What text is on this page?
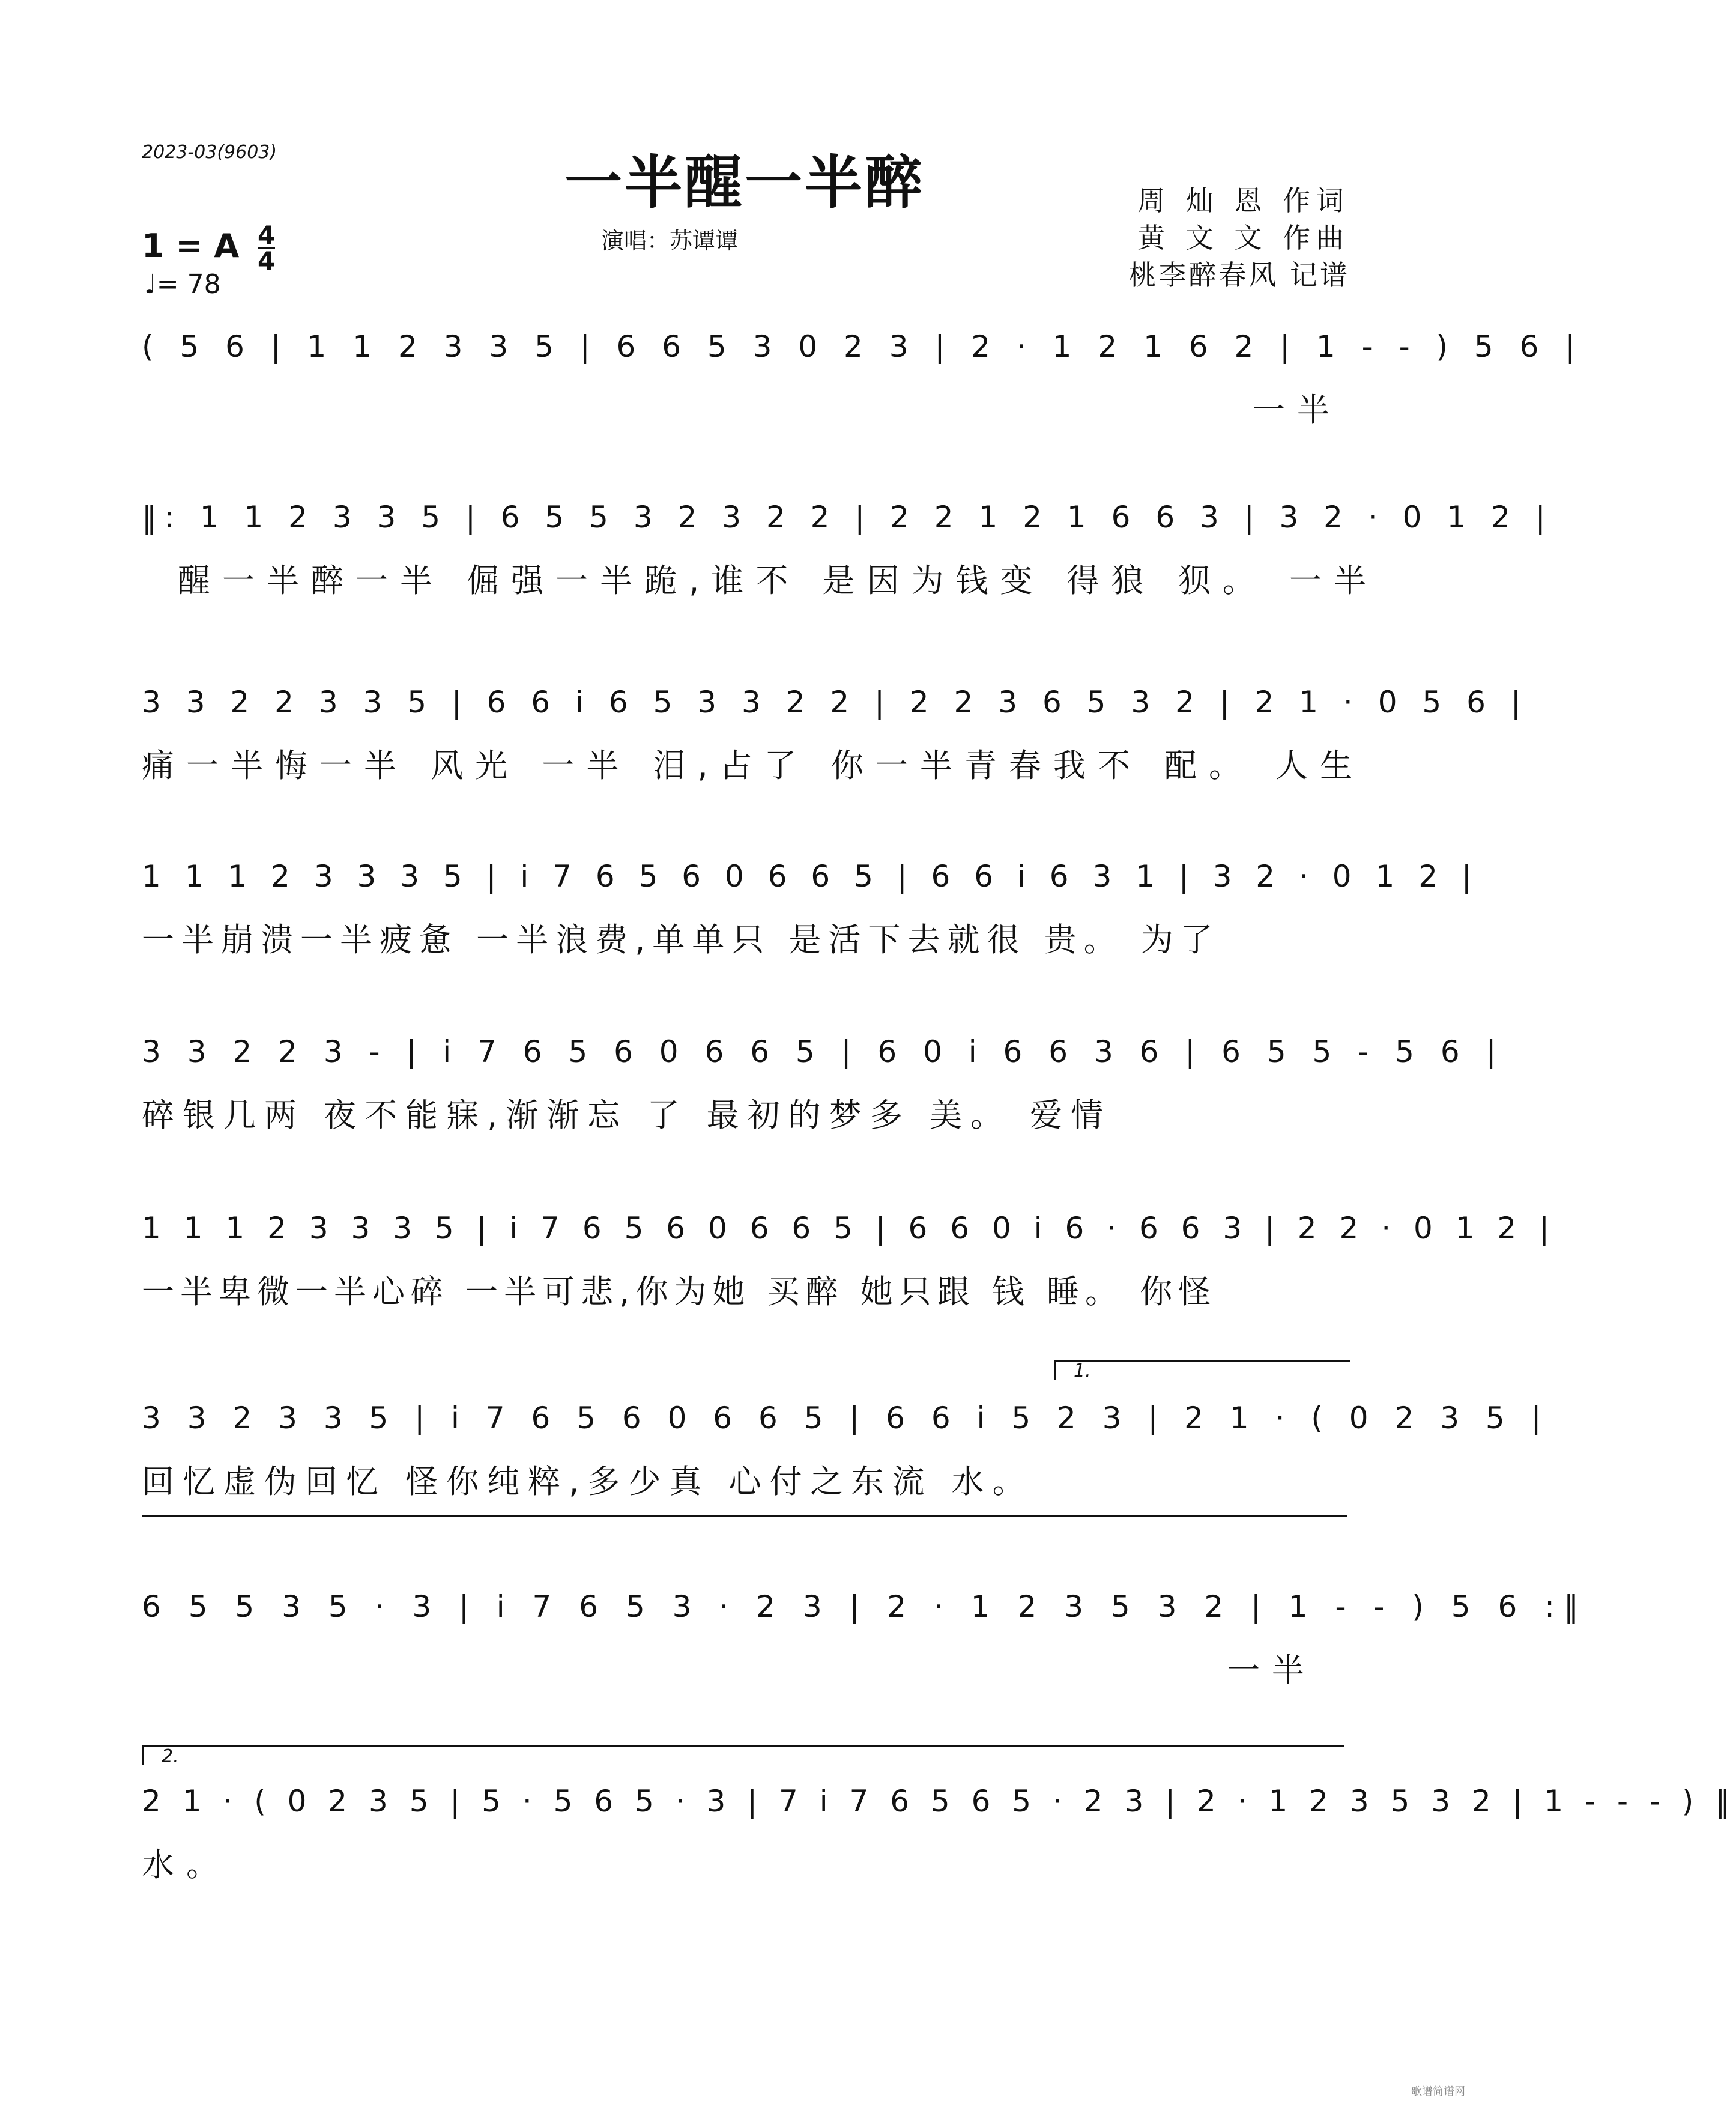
2023-03(9603)	一半醒一半醉
演唱：苏谭谭
周 灿 恩 作词
黄 文 文 作曲
桃李醉春风 记谱
1 = A $\frac{4}{4}$
♩= 78
( 5 6 | 1 1 2 3 3 5 | 6 6 5 3 0 2 3 | 2 · 1 2 1 6 2 | 1 - - ) 5 6 |
一半
‖: 1 1 2 3 3 5 | 6 5 5 3 2 3 2 2 | 2 2 1 2 1 6 6 3 | 3 2 · 0 1 2 |
醒一半醉一半 倔强一半跪,谁不 是因为钱变 得狼 狈。 一半
3 3 2 2 3 3 5 | 6 6 i 6 5 3 3 2 2 | 2 2 3 6 5 3 2 | 2 1 · 0 5 6 |
痛一半悔一半 风光 一半 泪,占了 你一半青春我不 配。 人生
1 1 1 2 3 3 3 5 | i 7 6 5 6 0 6 6 5 | 6 6 i 6 3 1 | 3 2 · 0 1 2 |
一半崩溃一半疲惫 一半浪费,单单只 是活下去就很 贵。 为了
3 3 2 2 3 - | i 7 6 5 6 0 6 6 5 | 6 0 i 6 6 3 6 | 6 5 5 - 5 6 |
碎银几两 夜不能寐,渐渐忘 了 最初的梦多 美。 爱情
1 1 1 2 3 3 3 5 | i 7 6 5 6 0 6 6 5 | 6 6 0 i 6 · 6 6 3 | 2 2 · 0 1 2 |
一半卑微一半心碎 一半可悲,你为她 买醉 她只跟 钱 睡。 你怪
1.
3 3 2 3 3 5 | i 7 6 5 6 0 6 6 5 | 6 6 i 5 2 3 | 2 1 · ( 0 2 3 5 |
回忆虚伪回忆 怪你纯粹,多少真 心付之东流 水。
6 5 5 3 5 · 3 | i 7 6 5 3 · 2 3 | 2 · 1 2 3 5 3 2 | 1 - - ) 5 6 :‖
一半
2.
2 1 · ( 0 2 3 5 | 5 · 5 6 5 · 3 | 7 i 7 6 5 6 5 · 2 3 | 2 · 1 2 3 5 3 2 | 1 - - - ) ‖
水。
歌谱简谱网
